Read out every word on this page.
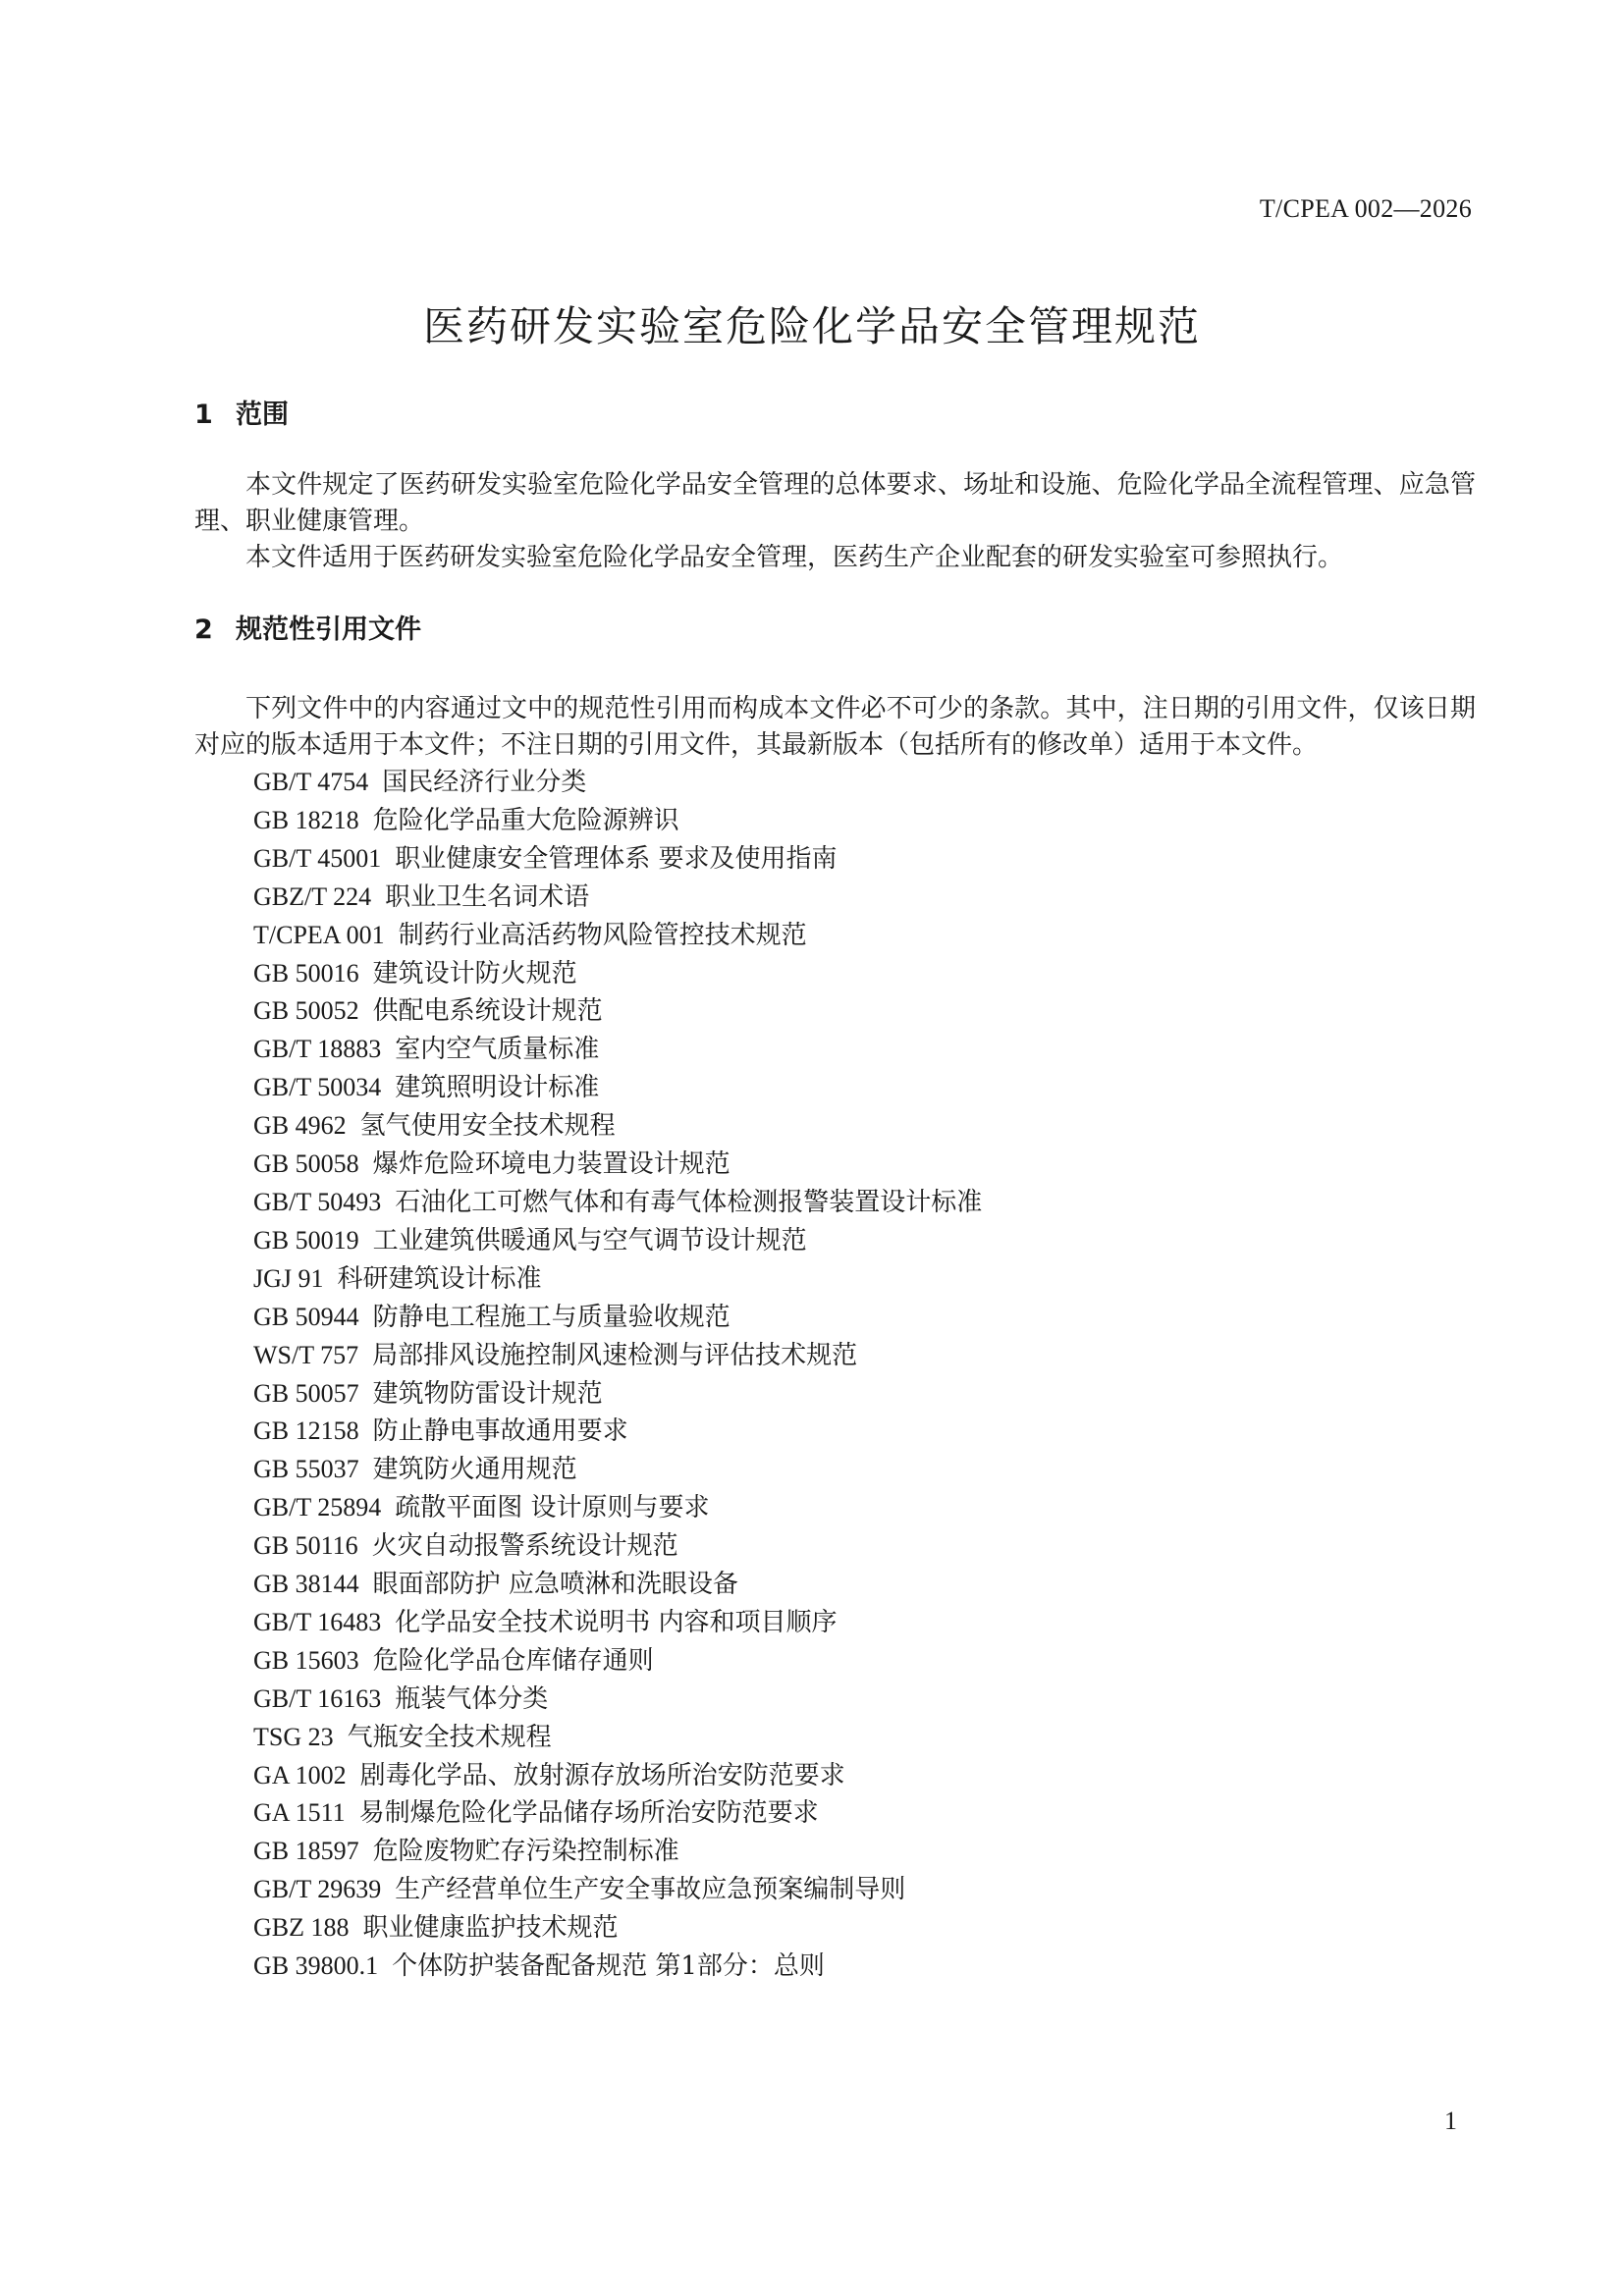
T/CPEA 002—2026
医药研发实验室危险化学品安全管理规范
1 范围

本文件规定了医药研发实验室危险化学品安全管理的总体要求、场址和设施、危险化学品全流程管理、应急管理、职业健康管理。

本文件适用于医药研发实验室危险化学品安全管理，医药生产企业配套的研发实验室可参照执行。

2 规范性引用文件

下列文件中的内容通过文中的规范性引用而构成本文件必不可少的条款。其中，注日期的引用文件，仅该日期对应的版本适用于本文件；不注日期的引用文件，其最新版本（包括所有的修改单）适用于本文件。

GB/T 4754 国民经济行业分类
GB 18218 危险化学品重大危险源辨识
GB/T 45001 职业健康安全管理体系 要求及使用指南
GBZ/T 224 职业卫生名词术语
T/CPEA 001 制药行业高活药物风险管控技术规范
GB 50016 建筑设计防火规范
GB 50052 供配电系统设计规范
GB/T 18883 室内空气质量标准
GB/T 50034 建筑照明设计标准
GB 4962 氢气使用安全技术规程
GB 50058 爆炸危险环境电力装置设计规范
GB/T 50493 石油化工可燃气体和有毒气体检测报警装置设计标准
GB 50019 工业建筑供暖通风与空气调节设计规范
JGJ 91 科研建筑设计标准
GB 50944 防静电工程施工与质量验收规范
WS/T 757 局部排风设施控制风速检测与评估技术规范
GB 50057 建筑物防雷设计规范
GB 12158 防止静电事故通用要求
GB 55037 建筑防火通用规范
GB/T 25894 疏散平面图 设计原则与要求
GB 50116 火灾自动报警系统设计规范
GB 38144 眼面部防护 应急喷淋和洗眼设备
GB/T 16483 化学品安全技术说明书 内容和项目顺序
GB 15603 危险化学品仓库储存通则
GB/T 16163 瓶装气体分类
TSG 23 气瓶安全技术规程
GA 1002 剧毒化学品、放射源存放场所治安防范要求
GA 1511 易制爆危险化学品储存场所治安防范要求
GB 18597 危险废物贮存污染控制标准
GB/T 29639 生产经营单位生产安全事故应急预案编制导则
GBZ 188 职业健康监护技术规范
GB 39800.1 个体防护装备配备规范 第1部分：总则
1
